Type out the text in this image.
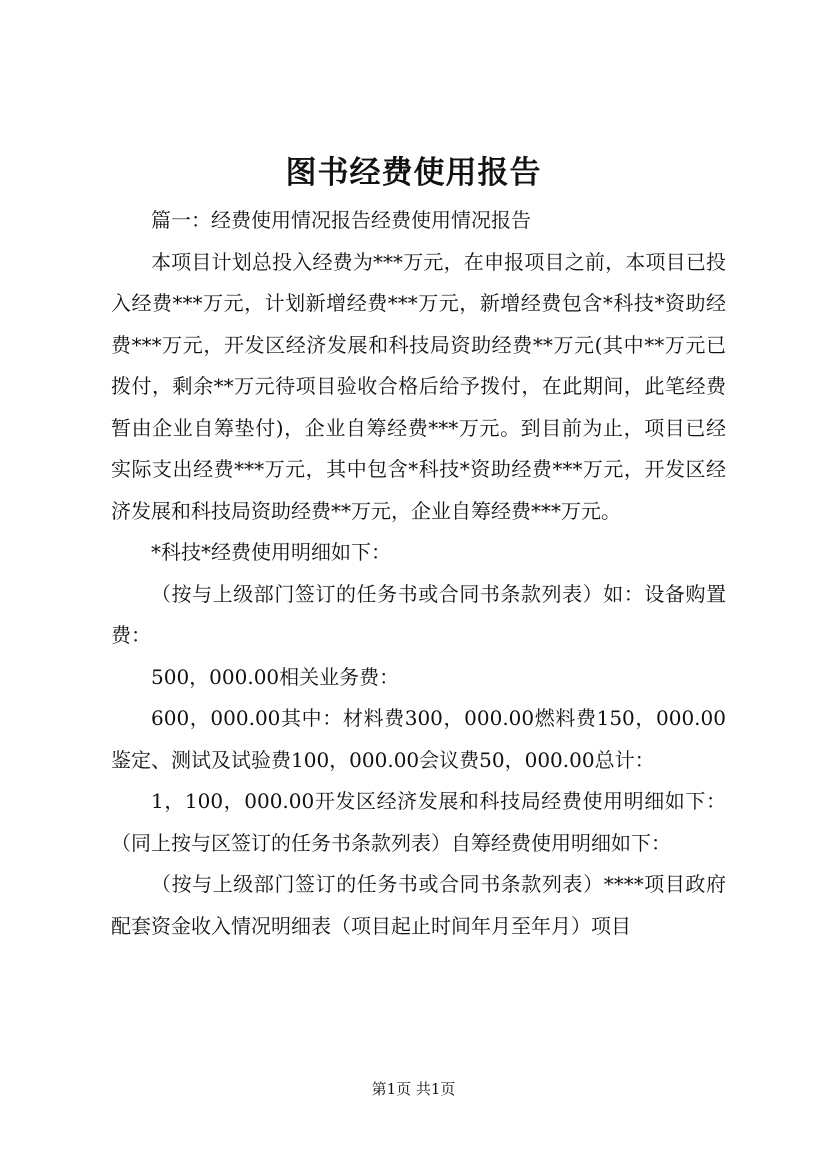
图书经费使用报告

篇一：经费使用情况报告经费使用情况报告

本项目计划总投入经费为***万元，在申报项目之前，本项目已投入经费***万元，计划新增经费***万元，新增经费包含*科技*资助经费***万元，开发区经济发展和科技局资助经费**万元(其中**万元已拨付，剩余**万元待项目验收合格后给予拨付，在此期间，此笔经费暂由企业自筹垫付)，企业自筹经费***万元。到目前为止，项目已经实际支出经费***万元，其中包含*科技*资助经费***万元，开发区经济发展和科技局资助经费**万元，企业自筹经费***万元。

*科技*经费使用明细如下：

（按与上级部门签订的任务书或合同书条款列表）如：设备购置费：

500，000.00相关业务费：

600，000.00其中：材料费300，000.00燃料费150，000.00鉴定、测试及试验费100，000.00会议费50，000.00总计：

1，100，000.00开发区经济发展和科技局经费使用明细如下：（同上按与区签订的任务书条款列表）自筹经费使用明细如下：

（按与上级部门签订的任务书或合同书条款列表）****项目政府配套资金收入情况明细表（项目起止时间年月至年月）项目

第1页 共1页
